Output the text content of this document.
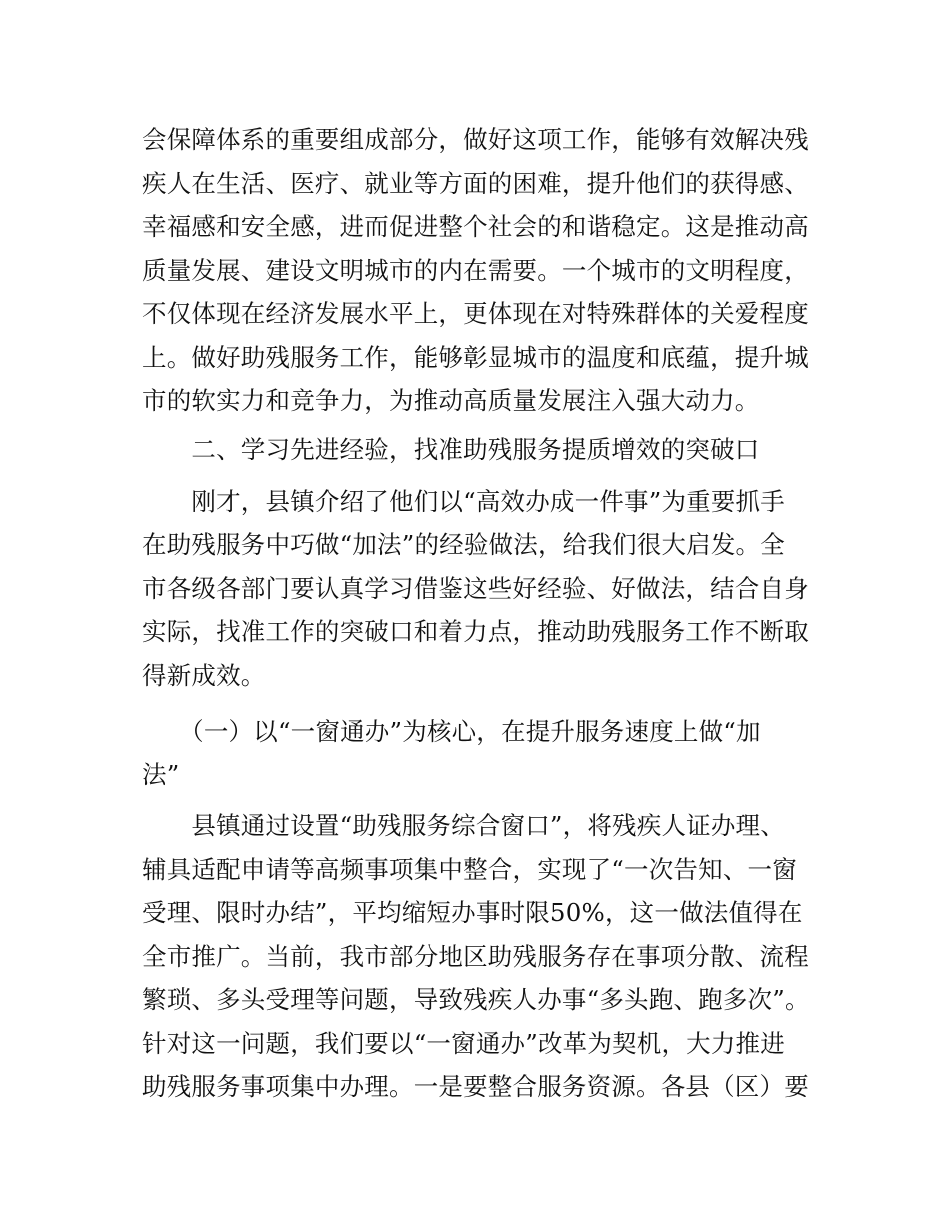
会保障体系的重要组成部分，做好这项工作，能够有效解决残
疾人在生活、医疗、就业等方面的困难，提升他们的获得感、
幸福感和安全感，进而促进整个社会的和谐稳定。这是推动高
质量发展、建设文明城市的内在需要。一个城市的文明程度，
不仅体现在经济发展水平上，更体现在对特殊群体的关爱程度
上。做好助残服务工作，能够彰显城市的温度和底蕴，提升城
市的软实力和竞争力，为推动高质量发展注入强大动力。
　　二、学习先进经验，找准助残服务提质增效的突破口
　　刚才，县镇介绍了他们以“高效办成一件事”为重要抓手
在助残服务中巧做“加法”的经验做法，给我们很大启发。全
市各级各部门要认真学习借鉴这些好经验、好做法，结合自身
实际，找准工作的突破口和着力点，推动助残服务工作不断取
得新成效。
　　（一）以“一窗通办”为核心，在提升服务速度上做“加
法”
　　县镇通过设置“助残服务综合窗口”，将残疾人证办理、
辅具适配申请等高频事项集中整合，实现了“一次告知、一窗
受理、限时办结”，平均缩短办事时限50%，这一做法值得在
全市推广。当前，我市部分地区助残服务存在事项分散、流程
繁琐、多头受理等问题，导致残疾人办事“多头跑、跑多次”。
针对这一问题，我们要以“一窗通办”改革为契机，大力推进
助残服务事项集中办理。一是要整合服务资源。各县（区）要
